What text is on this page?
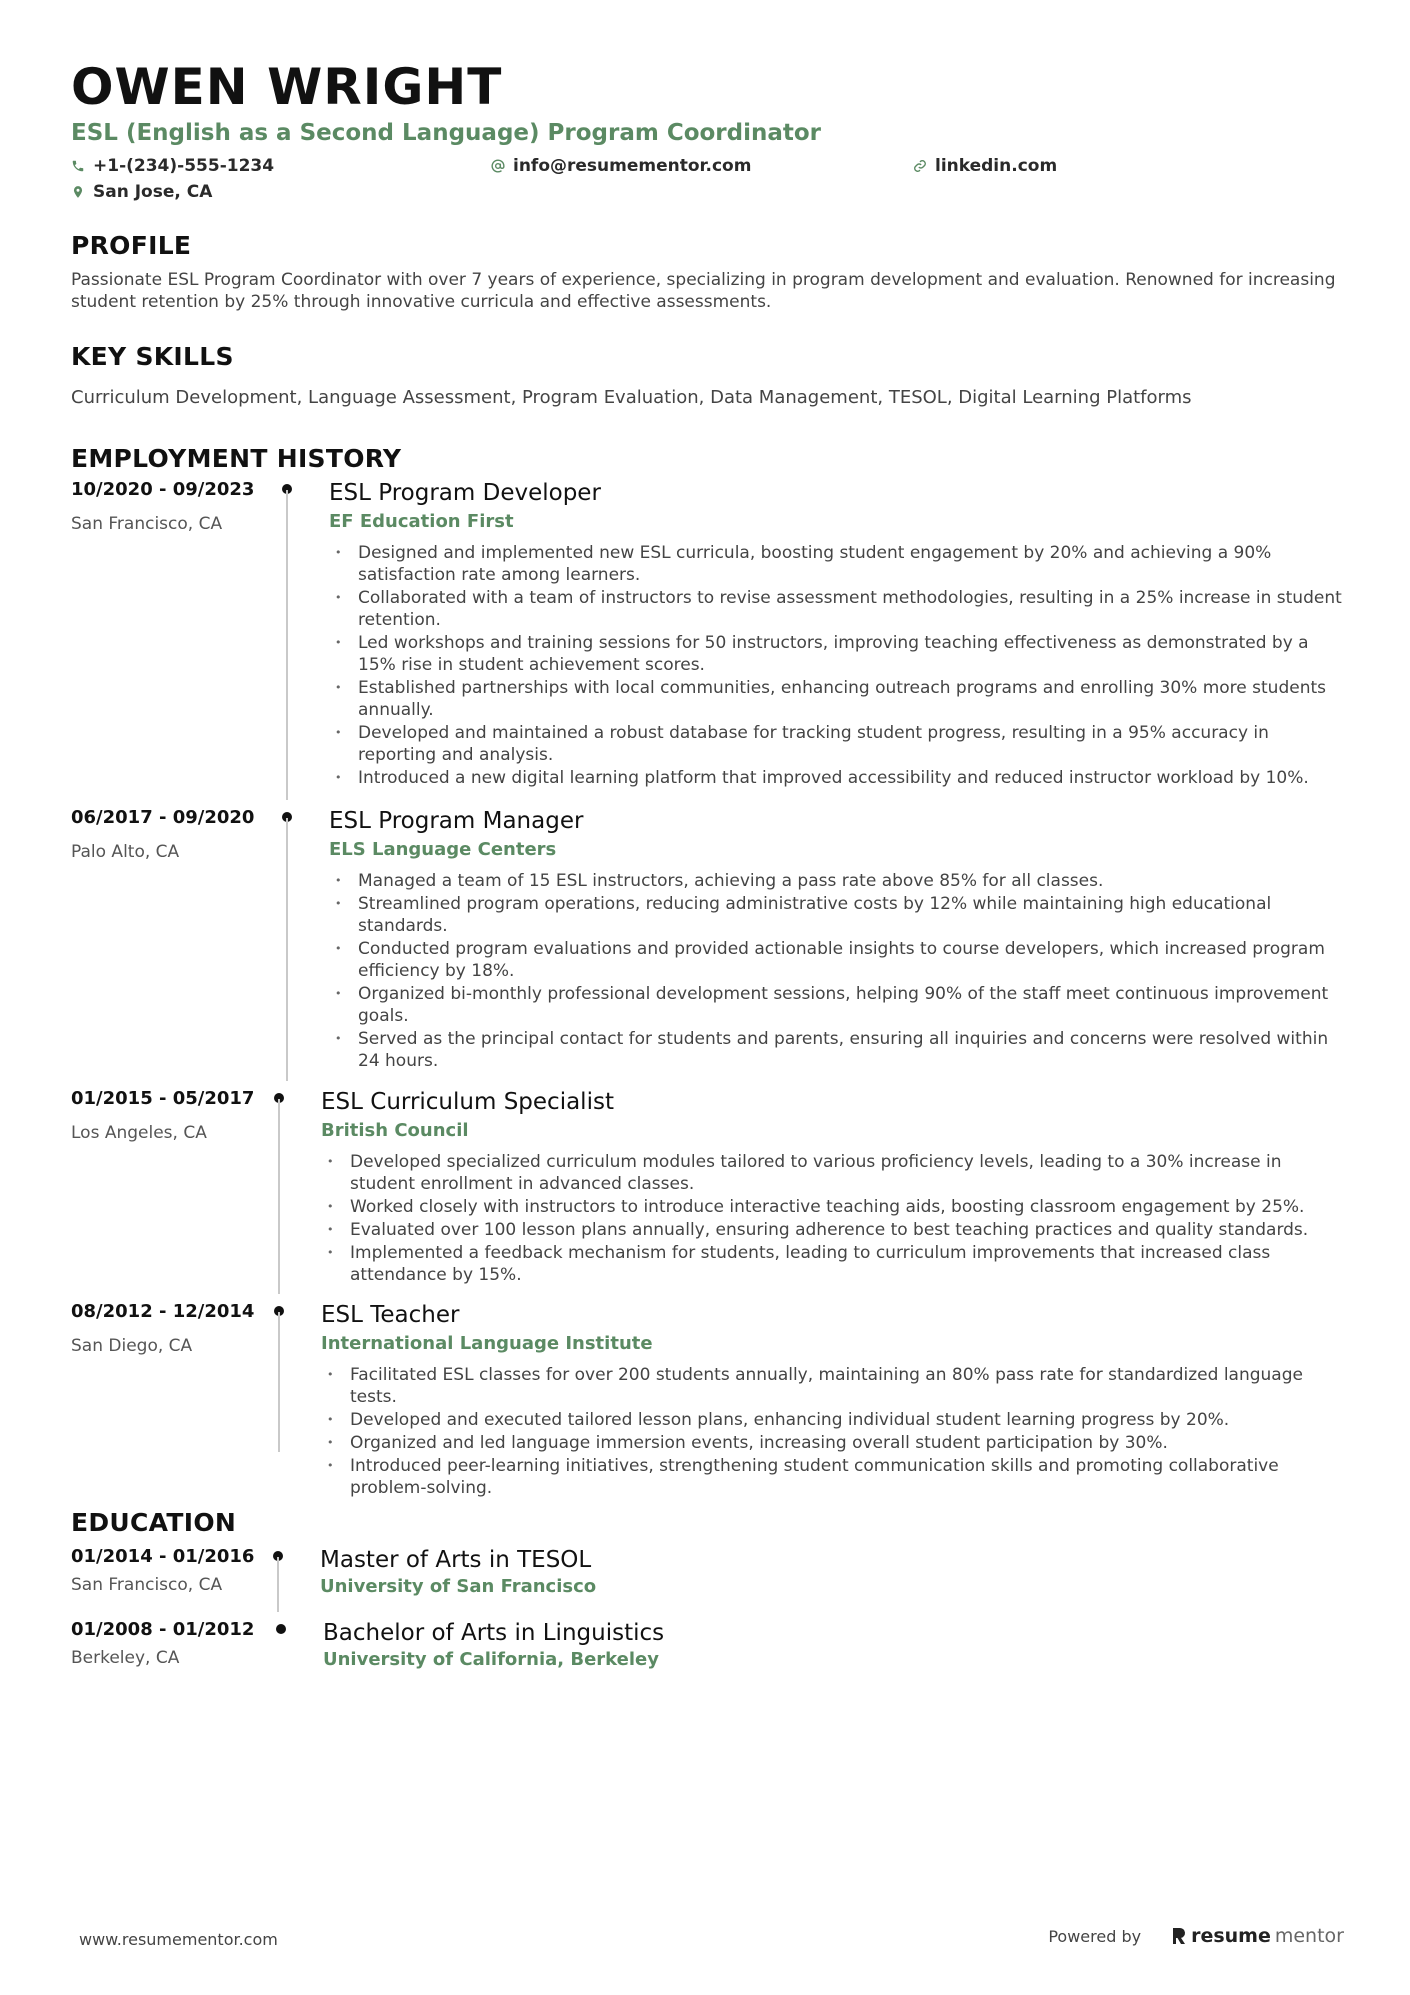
OWEN WRIGHT
ESL (English as a Second Language) Program Coordinator
+1-(234)-555-1234	info@resumementor.com	linkedin.com
San Jose, CA
PROFILE
Passionate ESL Program Coordinator with over 7 years of experience, specializing in program development and evaluation. Renowned for increasing student retention by 25% through innovative curricula and effective assessments.
KEY SKILLS
Curriculum Development, Language Assessment, Program Evaluation, Data Management, TESOL, Digital Learning Platforms
EMPLOYMENT HISTORY
10/2020 - 09/2023
San Francisco, CA
ESL Program Developer
EF Education First
• Designed and implemented new ESL curricula, boosting student engagement by 20% and achieving a 90% satisfaction rate among learners.
• Collaborated with a team of instructors to revise assessment methodologies, resulting in a 25% increase in student retention.
• Led workshops and training sessions for 50 instructors, improving teaching effectiveness as demonstrated by a 15% rise in student achievement scores.
• Established partnerships with local communities, enhancing outreach programs and enrolling 30% more students annually.
• Developed and maintained a robust database for tracking student progress, resulting in a 95% accuracy in reporting and analysis.
• Introduced a new digital learning platform that improved accessibility and reduced instructor workload by 10%.
06/2017 - 09/2020
Palo Alto, CA
ESL Program Manager
ELS Language Centers
• Managed a team of 15 ESL instructors, achieving a pass rate above 85% for all classes.
• Streamlined program operations, reducing administrative costs by 12% while maintaining high educational standards.
• Conducted program evaluations and provided actionable insights to course developers, which increased program efficiency by 18%.
• Organized bi-monthly professional development sessions, helping 90% of the staff meet continuous improvement goals.
• Served as the principal contact for students and parents, ensuring all inquiries and concerns were resolved within 24 hours.
01/2015 - 05/2017
Los Angeles, CA
ESL Curriculum Specialist
British Council
• Developed specialized curriculum modules tailored to various proficiency levels, leading to a 30% increase in student enrollment in advanced classes.
• Worked closely with instructors to introduce interactive teaching aids, boosting classroom engagement by 25%.
• Evaluated over 100 lesson plans annually, ensuring adherence to best teaching practices and quality standards.
• Implemented a feedback mechanism for students, leading to curriculum improvements that increased class attendance by 15%.
08/2012 - 12/2014
San Diego, CA
ESL Teacher
International Language Institute
• Facilitated ESL classes for over 200 students annually, maintaining an 80% pass rate for standardized language tests.
• Developed and executed tailored lesson plans, enhancing individual student learning progress by 20%.
• Organized and led language immersion events, increasing overall student participation by 30%.
• Introduced peer-learning initiatives, strengthening student communication skills and promoting collaborative problem-solving.
EDUCATION
01/2014 - 01/2016
San Francisco, CA
Master of Arts in TESOL
University of San Francisco
01/2008 - 01/2012
Berkeley, CA
Bachelor of Arts in Linguistics
University of California, Berkeley
www.resumementor.com	Powered by	resume mentor
